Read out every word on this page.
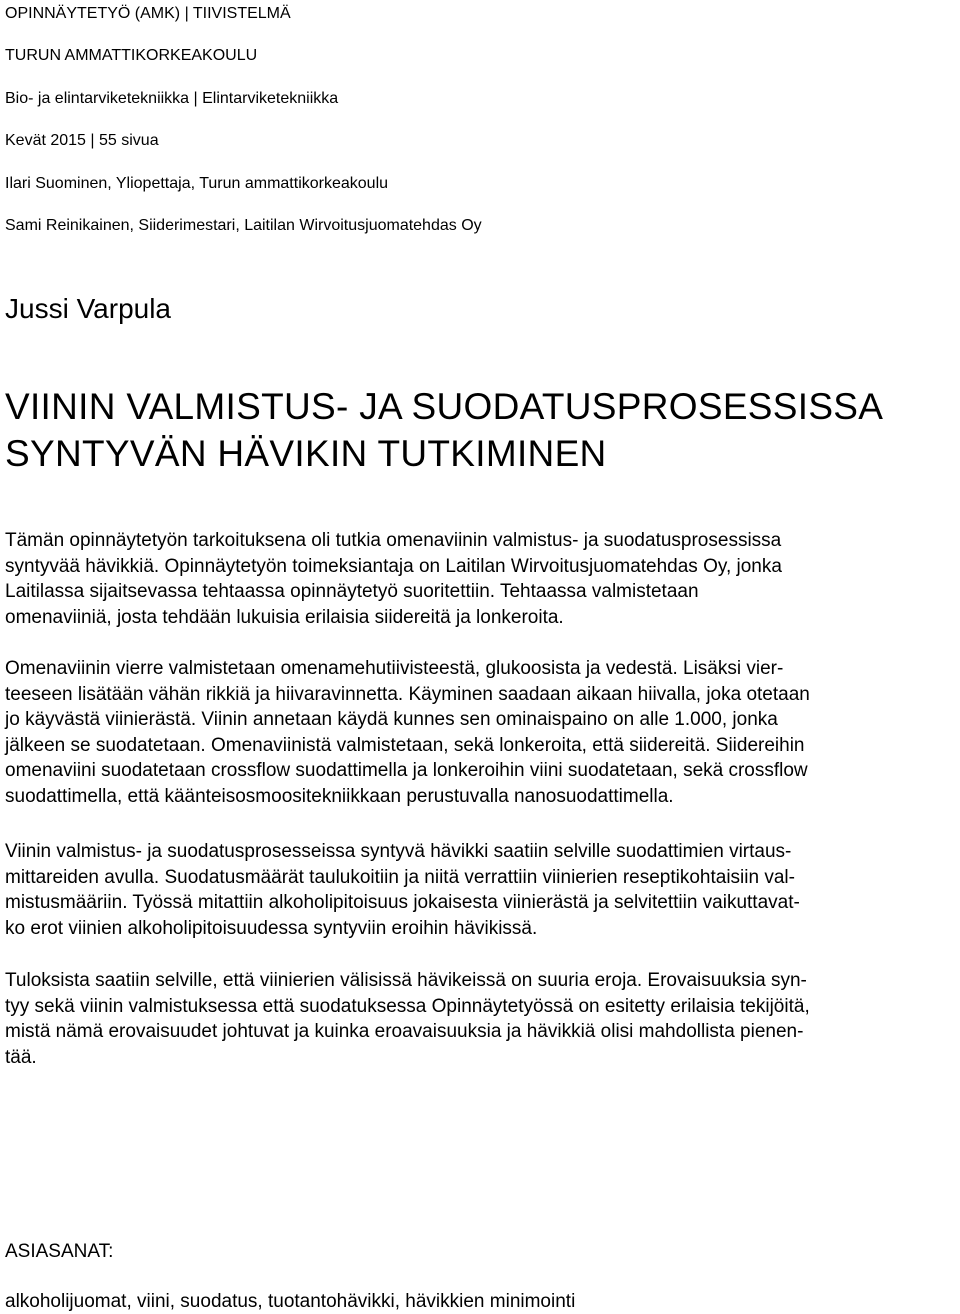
OPINNÄYTETYÖ (AMK) | TIIVISTELMÄ
TURUN AMMATTIKORKEAKOULU
Bio- ja elintarviketekniikka | Elintarviketekniikka
Kevät 2015 | 55 sivua
Ilari Suominen, Yliopettaja, Turun ammattikorkeakoulu
Sami Reinikainen, Siiderimestari, Laitilan Wirvoitusjuomatehdas Oy
Jussi Varpula
VIININ VALMISTUS- JA SUODATUSPROSESSISSA
SYNTYVÄN HÄVIKIN TUTKIMINEN
Tämän opinnäytetyön tarkoituksena oli tutkia omenaviinin valmistus- ja suodatusprosessissa
syntyvää hävikkiä. Opinnäytetyön toimeksiantaja on Laitilan Wirvoitusjuomatehdas Oy, jonka
Laitilassa sijaitsevassa tehtaassa opinnäytetyö suoritettiin. Tehtaassa valmistetaan
omenaviiniä, josta tehdään lukuisia erilaisia siidereitä ja lonkeroita.
Omenaviinin vierre valmistetaan omenamehutiivisteestä, glukoosista ja vedestä. Lisäksi vier-
teeseen lisätään vähän rikkiä ja hiivaravinnetta. Käyminen saadaan aikaan hiivalla, joka otetaan
jo käyvästä viinierästä. Viinin annetaan käydä kunnes sen ominaispaino on alle 1.000, jonka
jälkeen se suodatetaan. Omenaviinistä valmistetaan, sekä lonkeroita, että siidereitä. Siidereihin
omenaviini suodatetaan crossflow suodattimella ja lonkeroihin viini suodatetaan, sekä crossflow
suodattimella, että käänteisosmoositekniikkaan perustuvalla nanosuodattimella.
Viinin valmistus- ja suodatusprosesseissa syntyvä hävikki saatiin selville suodattimien virtaus-
mittareiden avulla. Suodatusmäärät taulukoitiin ja niitä verrattiin viinierien reseptikohtaisiin val-
mistusmääriin. Työssä mitattiin alkoholipitoisuus jokaisesta viinierästä ja selvitettiin vaikuttavat-
ko erot viinien alkoholipitoisuudessa syntyviin eroihin hävikissä.
Tuloksista saatiin selville, että viinierien välisissä hävikeissä on suuria eroja. Erovaisuuksia syn-
tyy sekä viinin valmistuksessa että suodatuksessa Opinnäytetyössä on esitetty erilaisia tekijöitä,
mistä nämä erovaisuudet johtuvat ja kuinka eroavaisuuksia ja hävikkiä olisi mahdollista pienen-
tää.
ASIASANAT:
alkoholijuomat, viini, suodatus, tuotantohävikki, hävikkien minimointi
